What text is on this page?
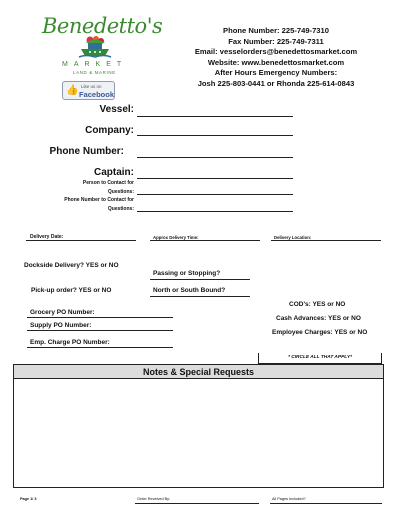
Benedetto's
MARKET
LAND & MARINE
👍 Like us on
Facebook
Phone Number: 225-749-7310
Fax Number: 225-749-7311
Email: vesselorders@benedettosmarket.com
Website: www.benedettosmarket.com
After Hours Emergency Numbers:
Josh 225-803-0441 or Rhonda 225-614-0843
Vessel:
Company:
Phone Number:
Captain:
Person to Contact for
Questions:
Phone Number to Contact for
Questions:
Delivery Date:	Approx Delivery Time:	Delivery Location:
Dockside Delivery? YES or NO
Passing or Stopping?
Pick-up order? YES or NO	North or South Bound?
COD's: YES or NO
Cash Advances: YES or NO
Employee Charges: YES or NO
Grocery PO Number:
Supply PO Number:
Emp. Charge PO Number:
* CIRCLE ALL THAT APPLY*
Notes & Special Requests
Page 1/ 3	Order Received By:	All Pages Included?
